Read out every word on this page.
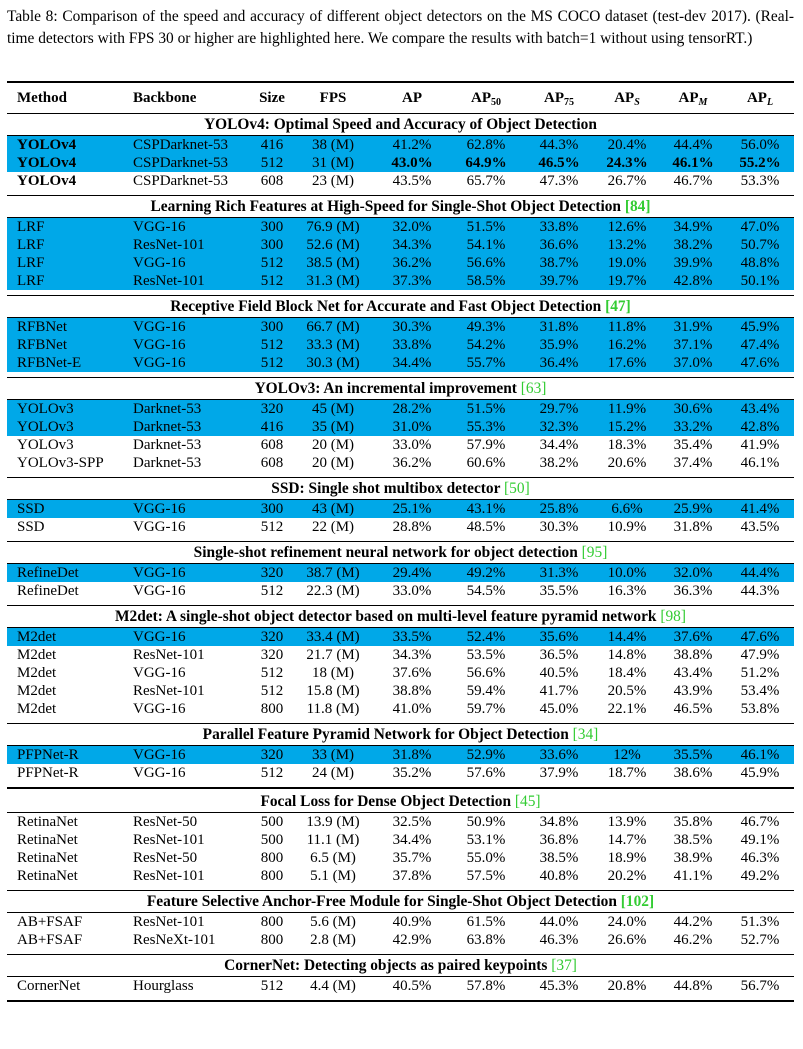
Table 8: Comparison of the speed and accuracy of different object detectors on the MS COCO dataset (test-dev 2017). (Real-time detectors with FPS 30 or higher are highlighted here. We compare the results with batch=1 without using tensorRT.)
Method	Backbone	Size	FPS	AP	$AP_{50}$	$AP_{75}$	$AP_S$	$AP_M$	$AP_L$
YOLOv4: Optimal Speed and Accuracy of Object Detection
YOLOv4	CSPDarknet-53	416	38 (M)	41.2%	62.8%	44.3%	20.4%	44.4%	56.0%
YOLOv4	CSPDarknet-53	512	31 (M)	43.0%	64.9%	46.5%	24.3%	46.1%	55.2%
YOLOv4	CSPDarknet-53	608	23 (M)	43.5%	65.7%	47.3%	26.7%	46.7%	53.3%
Learning Rich Features at High-Speed for Single-Shot Object Detection [84]
LRF	VGG-16	300	76.9 (M)	32.0%	51.5%	33.8%	12.6%	34.9%	47.0%
LRF	ResNet-101	300	52.6 (M)	34.3%	54.1%	36.6%	13.2%	38.2%	50.7%
LRF	VGG-16	512	38.5 (M)	36.2%	56.6%	38.7%	19.0%	39.9%	48.8%
LRF	ResNet-101	512	31.3 (M)	37.3%	58.5%	39.7%	19.7%	42.8%	50.1%
Receptive Field Block Net for Accurate and Fast Object Detection [47]
RFBNet	VGG-16	300	66.7 (M)	30.3%	49.3%	31.8%	11.8%	31.9%	45.9%
RFBNet	VGG-16	512	33.3 (M)	33.8%	54.2%	35.9%	16.2%	37.1%	47.4%
RFBNet-E	VGG-16	512	30.3 (M)	34.4%	55.7%	36.4%	17.6%	37.0%	47.6%
YOLOv3: An incremental improvement [63]
YOLOv3	Darknet-53	320	45 (M)	28.2%	51.5%	29.7%	11.9%	30.6%	43.4%
YOLOv3	Darknet-53	416	35 (M)	31.0%	55.3%	32.3%	15.2%	33.2%	42.8%
YOLOv3	Darknet-53	608	20 (M)	33.0%	57.9%	34.4%	18.3%	35.4%	41.9%
YOLOv3-SPP Darknet-53	608	20 (M)	36.2%	60.6%	38.2%	20.6%	37.4%	46.1%
SSD: Single shot multibox detector [50]
SSD	VGG-16	300	43 (M)	25.1%	43.1%	25.8%	6.6%	25.9%	41.4%
SSD	VGG-16	512	22 (M)	28.8%	48.5%	30.3%	10.9%	31.8%	43.5%
Single-shot refinement neural network for object detection [95]
RefineDet	VGG-16	320	38.7 (M)	29.4%	49.2%	31.3%	10.0%	32.0%	44.4%
RefineDet	VGG-16	512	22.3 (M)	33.0%	54.5%	35.5%	16.3%	36.3%	44.3%
M2det: A single-shot object detector based on multi-level feature pyramid network [98]
M2det	VGG-16	320	33.4 (M)	33.5%	52.4%	35.6%	14.4%	37.6%	47.6%
M2det	ResNet-101	320	21.7 (M)	34.3%	53.5%	36.5%	14.8%	38.8%	47.9%
M2det	VGG-16	512	18 (M)	37.6%	56.6%	40.5%	18.4%	43.4%	51.2%
M2det	ResNet-101	512	15.8 (M)	38.8%	59.4%	41.7%	20.5%	43.9%	53.4%
M2det	VGG-16	800	11.8 (M)	41.0%	59.7%	45.0%	22.1%	46.5%	53.8%
Parallel Feature Pyramid Network for Object Detection [34]
PFPNet-R	VGG-16	320	33 (M)	31.8%	52.9%	33.6%	12%	35.5%	46.1%
PFPNet-R	VGG-16	512	24 (M)	35.2%	57.6%	37.9%	18.7%	38.6%	45.9%
Focal Loss for Dense Object Detection [45]
RetinaNet	ResNet-50	500	13.9 (M)	32.5%	50.9%	34.8%	13.9%	35.8%	46.7%
RetinaNet	ResNet-101	500	11.1 (M)	34.4%	53.1%	36.8%	14.7%	38.5%	49.1%
RetinaNet	ResNet-50	800	6.5 (M)	35.7%	55.0%	38.5%	18.9%	38.9%	46.3%
RetinaNet	ResNet-101	800	5.1 (M)	37.8%	57.5%	40.8%	20.2%	41.1%	49.2%
Feature Selective Anchor-Free Module for Single-Shot Object Detection [102]
AB+FSAF	ResNet-101	800	5.6 (M)	40.9%	61.5%	44.0%	24.0%	44.2%	51.3%
AB+FSAF	ResNeXt-101	800	2.8 (M)	42.9%	63.8%	46.3%	26.6%	46.2%	52.7%
CornerNet: Detecting objects as paired keypoints [37]
CornerNet	Hourglass	512	4.4 (M)	40.5%	57.8%	45.3%	20.8%	44.8%	56.7%
